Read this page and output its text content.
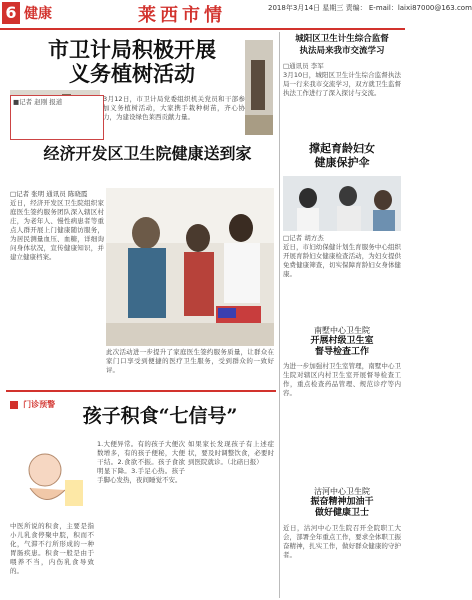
6 健康	莱西市情	2018年3月14日 星期三 责编： E-mail：laixi87000@163.com
市卫计局积极开展
义务植树活动
■记者 赵刚 报道	3月12日，市卫计局党委组织机关党员和干部参加义务植树活动，大家携手栽种树苗，齐心协力，为建设绿色莱西贡献力量。
经济开发区卫生院健康送到家
□记者 张明 通讯员 陈晓霞
近日，经济开发区卫生院组织家庭医生签约服务团队深入辖区村庄，为老年人、慢性病患者等重点人群开展上门健康随访服务，为居民测量血压、血糖，详细询问身体状况，宣传健康知识，并建立健康档案。
此次活动进一步提升了家庭医生签约服务质量，让群众在家门口享受到便捷的医疗卫生服务，受到群众的一致好评。
城阳区卫生计生综合监督
执法局来我市交流学习
□通讯员 李军
3月10日，城阳区卫生计生综合监督执法局一行来我市交流学习，双方就卫生监督执法工作进行了深入探讨与交流。
撑起育龄妇女
健康保护伞
□记者 胡方杰
近日，市妇幼保健计划生育服务中心组织开展育龄妇女健康检查活动，为妇女提供免费健康筛查，切实保障育龄妇女身体健康。
南墅中心卫生院
开展村级卫生室
督导检查工作
为进一步加强村卫生室管理，南墅中心卫生院对辖区内村卫生室开展督导检查工作，重点检查药品管理、规范诊疗等内容。
沽河中心卫生院
振奋精神加油干
做好健康卫士
近日，沽河中心卫生院召开全院职工大会，部署全年重点工作，要求全体职工振奋精神，扎实工作，做好群众健康的守护者。
门诊预警
孩子积食“七信号”
中医所说的积食，主要是指小儿乳食停聚中脘，积而不化，气滞不行所形成的一种胃肠疾患。积食一般是由于喂养不当，内伤乳食导致的。
1.大便异常。有的孩子大便次数增多，有的孩子便秘，大便干结。2.食欲不振。孩子食欲明显下降。3.手足心热。孩子手脚心发热，夜间睡觉不安。
如果家长发现孩子有上述症状，要及时调整饮食，必要时到医院就诊。（北碚日报）
